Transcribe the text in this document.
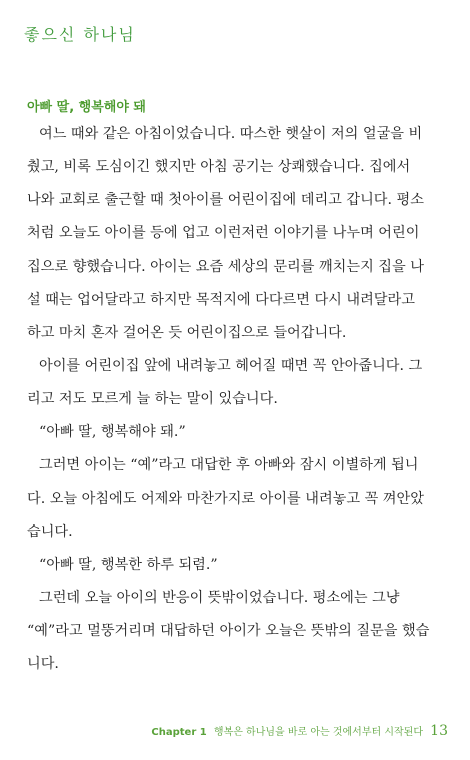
좋으신 하나님
아빠 딸, 행복해야 돼
여느 때와 같은 아침이었습니다. 따스한 햇살이 저의 얼굴을 비
췄고, 비록 도심이긴 했지만 아침 공기는 상쾌했습니다. 집에서
나와 교회로 출근할 때 첫아이를 어린이집에 데리고 갑니다. 평소
처럼 오늘도 아이를 등에 업고 이런저런 이야기를 나누며 어린이
집으로 향했습니다. 아이는 요즘 세상의 문리를 깨치는지 집을 나
설 때는 업어달라고 하지만 목적지에 다다르면 다시 내려달라고
하고 마치 혼자 걸어온 듯 어린이집으로 들어갑니다.
아이를 어린이집 앞에 내려놓고 헤어질 때면 꼭 안아줍니다. 그
리고 저도 모르게 늘 하는 말이 있습니다.
“아빠 딸, 행복해야 돼.”
그러면 아이는 “예”라고 대답한 후 아빠와 잠시 이별하게 됩니
다. 오늘 아침에도 어제와 마찬가지로 아이를 내려놓고 꼭 껴안았
습니다.
“아빠 딸, 행복한 하루 되렴.”
그런데 오늘 아이의 반응이 뜻밖이었습니다. 평소에는 그냥
“예”라고 멀뚱거리며 대답하던 아이가 오늘은 뜻밖의 질문을 했습
니다.
Chapter 1 행복은 하나님을 바로 아는 것에서부터 시작된다 13
